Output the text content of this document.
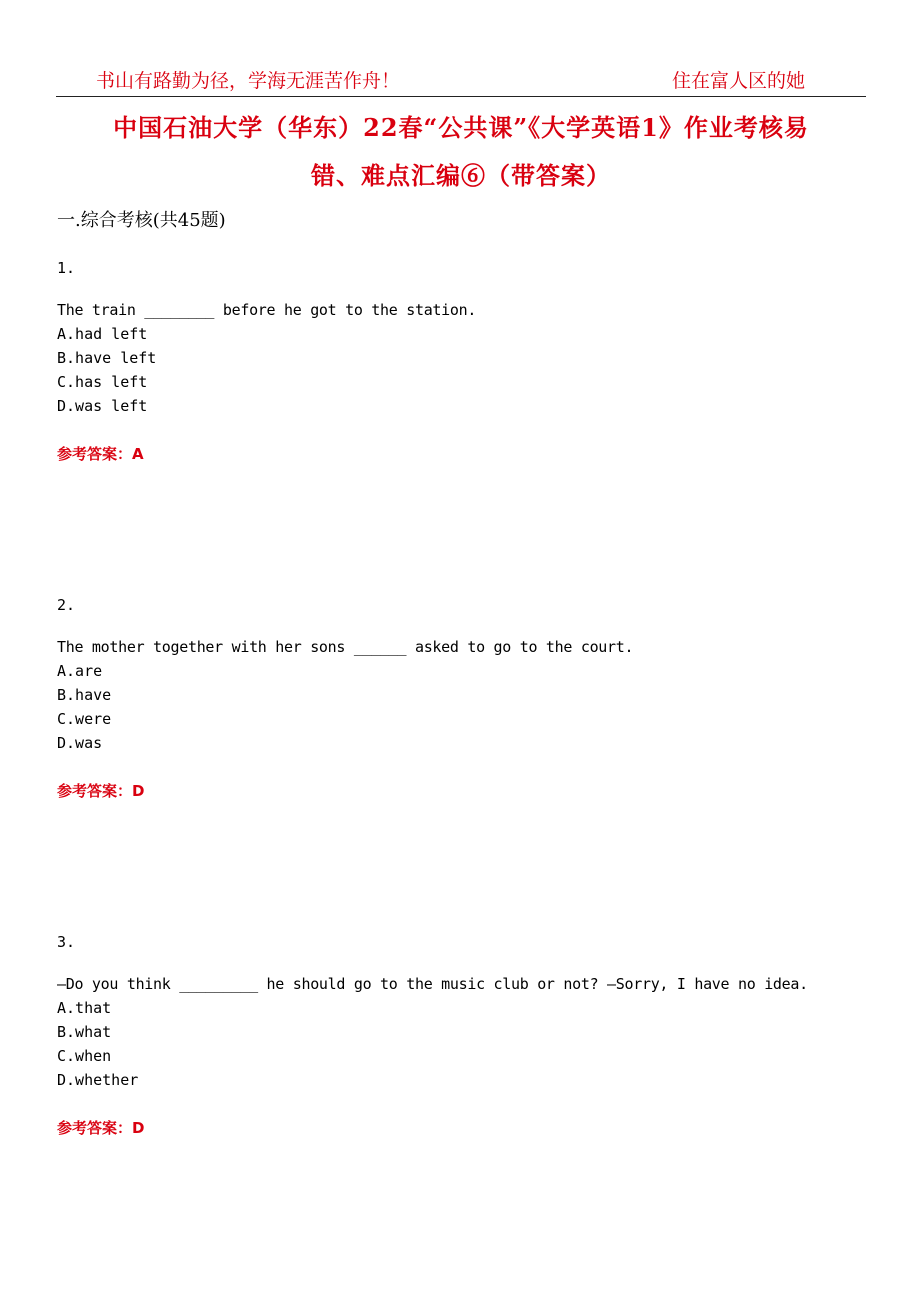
书山有路勤为径，学海无涯苦作舟！	住在富人区的她
中国石油大学（华东）22春“公共课”《大学英语1》作业考核易
错、难点汇编⑥（带答案）
一.综合考核(共45题)
1.
The train ________ before he got to the station.
A.had left
B.have left
C.has left
D.was left
参考答案：A
2.
The mother together with her sons ______ asked to go to the court.
A.are
B.have
C.were
D.was
参考答案：D
3.
—Do you think _________ he should go to the music club or not? —Sorry, I have no idea.
A.that
B.what
C.when
D.whether
参考答案：D
